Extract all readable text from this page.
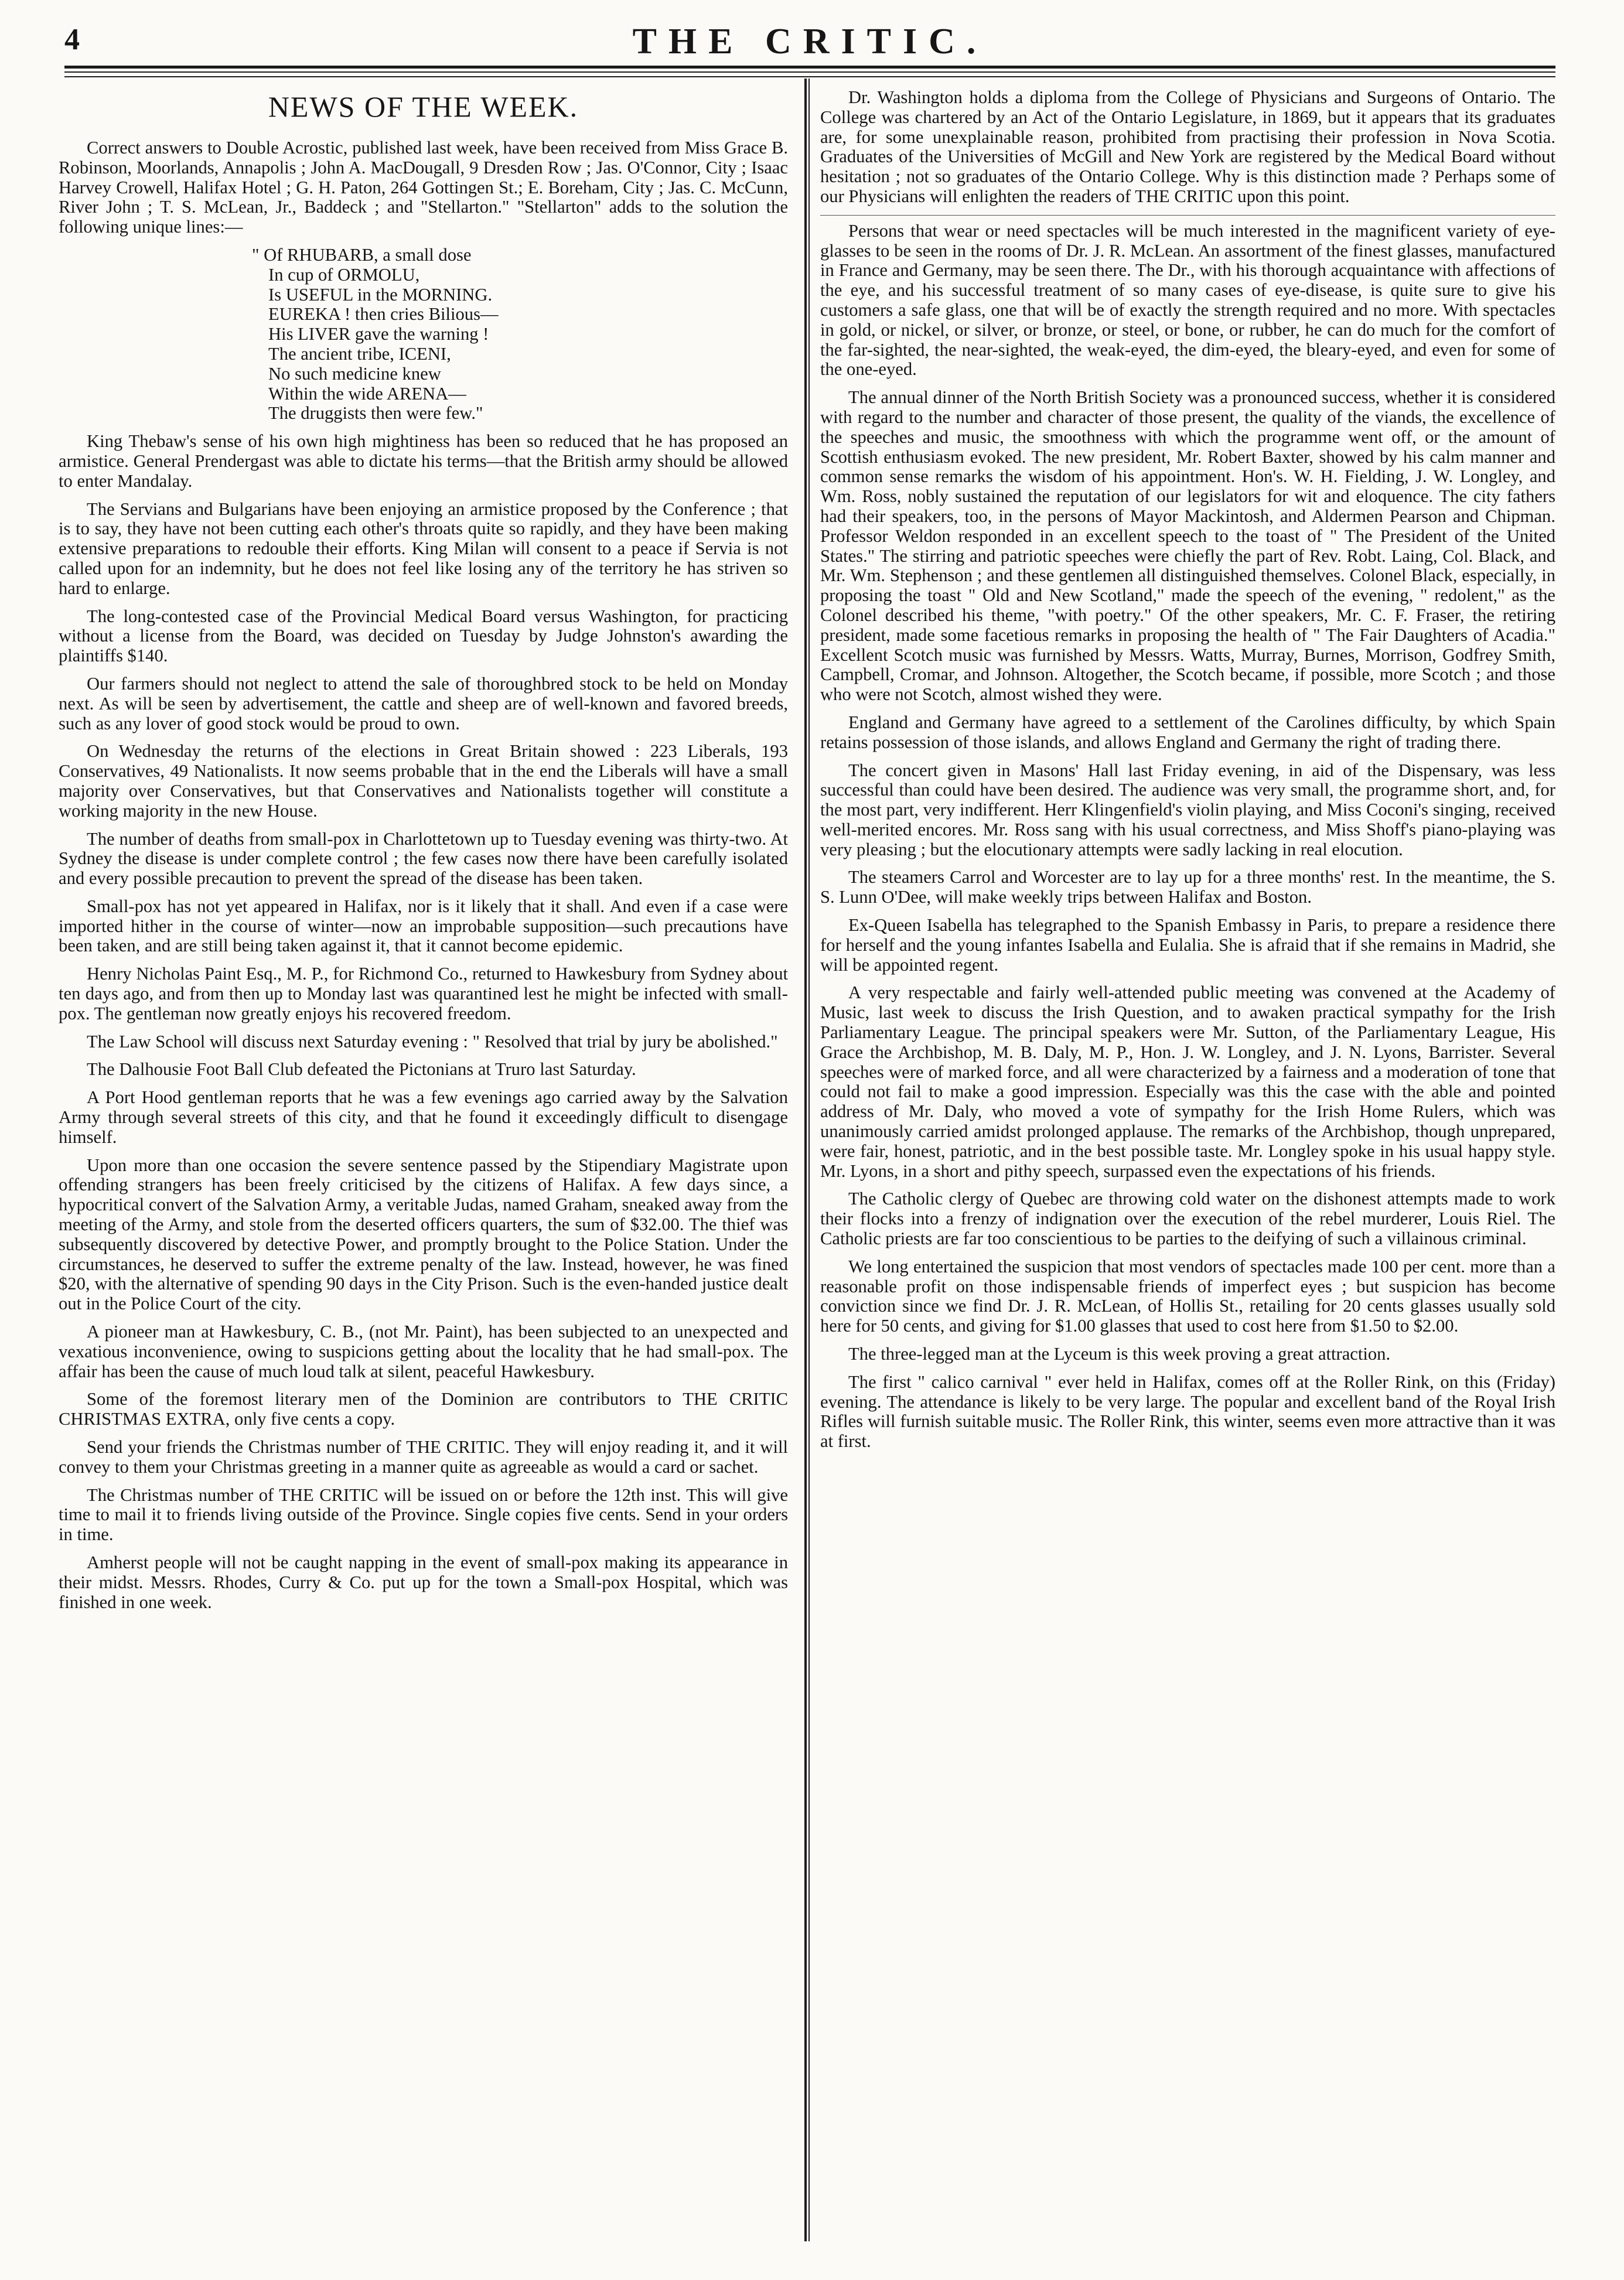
4	THE CRITIC.
NEWS OF THE WEEK.

Correct answers to Double Acrostic, published last week, have been received from Miss Grace B. Robinson, Moorlands, Annapolis ; John A. MacDougall, 9 Dresden Row ; Jas. O'Connor, City ; Isaac Harvey Crowell, Halifax Hotel ; G. H. Paton, 264 Gottingen St.; E. Boreham, City ; Jas. C. McCunn, River John ; T. S. McLean, Jr., Baddeck ; and "Stellarton." "Stellarton" adds to the solution the following unique lines:—

" Of RHUBARB, a small dose
In cup of ORMOLU,
Is USEFUL in the MORNING.
EUREKA ! then cries Bilious—
His LIVER gave the warning !
The ancient tribe, ICENI,
No such medicine knew
Within the wide ARENA—
The druggists then were few."

King Thebaw's sense of his own high mightiness has been so reduced that he has proposed an armistice. General Prendergast was able to dictate his terms—that the British army should be allowed to enter Mandalay.

The Servians and Bulgarians have been enjoying an armistice proposed by the Conference ; that is to say, they have not been cutting each other's throats quite so rapidly, and they have been making extensive preparations to redouble their efforts. King Milan will consent to a peace if Servia is not called upon for an indemnity, but he does not feel like losing any of the territory he has striven so hard to enlarge.

The long-contested case of the Provincial Medical Board versus Washington, for practicing without a license from the Board, was decided on Tuesday by Judge Johnston's awarding the plaintiffs $140.

Our farmers should not neglect to attend the sale of thoroughbred stock to be held on Monday next. As will be seen by advertisement, the cattle and sheep are of well-known and favored breeds, such as any lover of good stock would be proud to own.

On Wednesday the returns of the elections in Great Britain showed : 223 Liberals, 193 Conservatives, 49 Nationalists. It now seems probable that in the end the Liberals will have a small majority over Conservatives, but that Conservatives and Nationalists together will constitute a working majority in the new House.

The number of deaths from small-pox in Charlottetown up to Tuesday evening was thirty-two. At Sydney the disease is under complete control ; the few cases now there have been carefully isolated and every possible precaution to prevent the spread of the disease has been taken.

Small-pox has not yet appeared in Halifax, nor is it likely that it shall. And even if a case were imported hither in the course of winter—now an improbable supposition—such precautions have been taken, and are still being taken against it, that it cannot become epidemic.

Henry Nicholas Paint Esq., M. P., for Richmond Co., returned to Hawkesbury from Sydney about ten days ago, and from then up to Monday last was quarantined lest he might be infected with small-pox. The gentleman now greatly enjoys his recovered freedom.

The Law School will discuss next Saturday evening : " Resolved that trial by jury be abolished."

The Dalhousie Foot Ball Club defeated the Pictonians at Truro last Saturday.

A Port Hood gentleman reports that he was a few evenings ago carried away by the Salvation Army through several streets of this city, and that he found it exceedingly difficult to disengage himself.

Upon more than one occasion the severe sentence passed by the Stipendiary Magistrate upon offending strangers has been freely criticised by the citizens of Halifax. A few days since, a hypocritical convert of the Salvation Army, a veritable Judas, named Graham, sneaked away from the meeting of the Army, and stole from the deserted officers quarters, the sum of $32.00. The thief was subsequently discovered by detective Power, and promptly brought to the Police Station. Under the circumstances, he deserved to suffer the extreme penalty of the law. Instead, however, he was fined $20, with the alternative of spending 90 days in the City Prison. Such is the even-handed justice dealt out in the Police Court of the city.

A pioneer man at Hawkesbury, C. B., (not Mr. Paint), has been subjected to an unexpected and vexatious inconvenience, owing to suspicions getting about the locality that he had small-pox. The affair has been the cause of much loud talk at silent, peaceful Hawkesbury.

Some of the foremost literary men of the Dominion are contributors to THE CRITIC CHRISTMAS EXTRA, only five cents a copy.

Send your friends the Christmas number of THE CRITIC. They will enjoy reading it, and it will convey to them your Christmas greeting in a manner quite as agreeable as would a card or sachet.

The Christmas number of THE CRITIC will be issued on or before the 12th inst. This will give time to mail it to friends living outside of the Province. Single copies five cents. Send in your orders in time.

Amherst people will not be caught napping in the event of small-pox making its appearance in their midst. Messrs. Rhodes, Curry & Co. put up for the town a Small-pox Hospital, which was finished in one week.

Dr. Washington holds a diploma from the College of Physicians and Surgeons of Ontario. The College was chartered by an Act of the Ontario Legislature, in 1869, but it appears that its graduates are, for some unexplainable reason, prohibited from practising their profession in Nova Scotia. Graduates of the Universities of McGill and New York are registered by the Medical Board without hesitation ; not so graduates of the Ontario College. Why is this distinction made ? Perhaps some of our Physicians will enlighten the readers of THE CRITIC upon this point.

Persons that wear or need spectacles will be much interested in the magnificent variety of eye-glasses to be seen in the rooms of Dr. J. R. McLean. An assortment of the finest glasses, manufactured in France and Germany, may be seen there. The Dr., with his thorough acquaintance with affections of the eye, and his successful treatment of so many cases of eye-disease, is quite sure to give his customers a safe glass, one that will be of exactly the strength required and no more. With spectacles in gold, or nickel, or silver, or bronze, or steel, or bone, or rubber, he can do much for the comfort of the far-sighted, the near-sighted, the weak-eyed, the dim-eyed, the bleary-eyed, and even for some of the one-eyed.

The annual dinner of the North British Society was a pronounced success, whether it is considered with regard to the number and character of those present, the quality of the viands, the excellence of the speeches and music, the smoothness with which the programme went off, or the amount of Scottish enthusiasm evoked. The new president, Mr. Robert Baxter, showed by his calm manner and common sense remarks the wisdom of his appointment. Hon's. W. H. Fielding, J. W. Longley, and Wm. Ross, nobly sustained the reputation of our legislators for wit and eloquence. The city fathers had their speakers, too, in the persons of Mayor Mackintosh, and Aldermen Pearson and Chipman. Professor Weldon responded in an excellent speech to the toast of " The President of the United States." The stirring and patriotic speeches were chiefly the part of Rev. Robt. Laing, Col. Black, and Mr. Wm. Stephenson ; and these gentlemen all distinguished themselves. Colonel Black, especially, in proposing the toast " Old and New Scotland," made the speech of the evening, " redolent," as the Colonel described his theme, "with poetry." Of the other speakers, Mr. C. F. Fraser, the retiring president, made some facetious remarks in proposing the health of " The Fair Daughters of Acadia." Excellent Scotch music was furnished by Messrs. Watts, Murray, Burnes, Morrison, Godfrey Smith, Campbell, Cromar, and Johnson. Altogether, the Scotch became, if possible, more Scotch ; and those who were not Scotch, almost wished they were.

England and Germany have agreed to a settlement of the Carolines difficulty, by which Spain retains possession of those islands, and allows England and Germany the right of trading there.

The concert given in Masons' Hall last Friday evening, in aid of the Dispensary, was less successful than could have been desired. The audience was very small, the programme short, and, for the most part, very indifferent. Herr Klingenfield's violin playing, and Miss Coconi's singing, received well-merited encores. Mr. Ross sang with his usual correctness, and Miss Shoff's piano-playing was very pleasing ; but the elocutionary attempts were sadly lacking in real elocution.

The steamers Carrol and Worcester are to lay up for a three months' rest. In the meantime, the S. S. Lunn O'Dee, will make weekly trips between Halifax and Boston.

Ex-Queen Isabella has telegraphed to the Spanish Embassy in Paris, to prepare a residence there for herself and the young infantes Isabella and Eulalia. She is afraid that if she remains in Madrid, she will be appointed regent.

A very respectable and fairly well-attended public meeting was convened at the Academy of Music, last week to discuss the Irish Question, and to awaken practical sympathy for the Irish Parliamentary League. The principal speakers were Mr. Sutton, of the Parliamentary League, His Grace the Archbishop, M. B. Daly, M. P., Hon. J. W. Longley, and J. N. Lyons, Barrister. Several speeches were of marked force, and all were characterized by a fairness and a moderation of tone that could not fail to make a good impression. Especially was this the case with the able and pointed address of Mr. Daly, who moved a vote of sympathy for the Irish Home Rulers, which was unanimously carried amidst prolonged applause. The remarks of the Archbishop, though unprepared, were fair, honest, patriotic, and in the best possible taste. Mr. Longley spoke in his usual happy style. Mr. Lyons, in a short and pithy speech, surpassed even the expectations of his friends.

The Catholic clergy of Quebec are throwing cold water on the dishonest attempts made to work their flocks into a frenzy of indignation over the execution of the rebel murderer, Louis Riel. The Catholic priests are far too conscientious to be parties to the deifying of such a villainous criminal.

We long entertained the suspicion that most vendors of spectacles made 100 per cent. more than a reasonable profit on those indispensable friends of imperfect eyes ; but suspicion has become conviction since we find Dr. J. R. McLean, of Hollis St., retailing for 20 cents glasses usually sold here for 50 cents, and giving for $1.00 glasses that used to cost here from $1.50 to $2.00.

The three-legged man at the Lyceum is this week proving a great attraction.

The first " calico carnival " ever held in Halifax, comes off at the Roller Rink, on this (Friday) evening. The attendance is likely to be very large. The popular and excellent band of the Royal Irish Rifles will furnish suitable music. The Roller Rink, this winter, seems even more attractive than it was at first.
